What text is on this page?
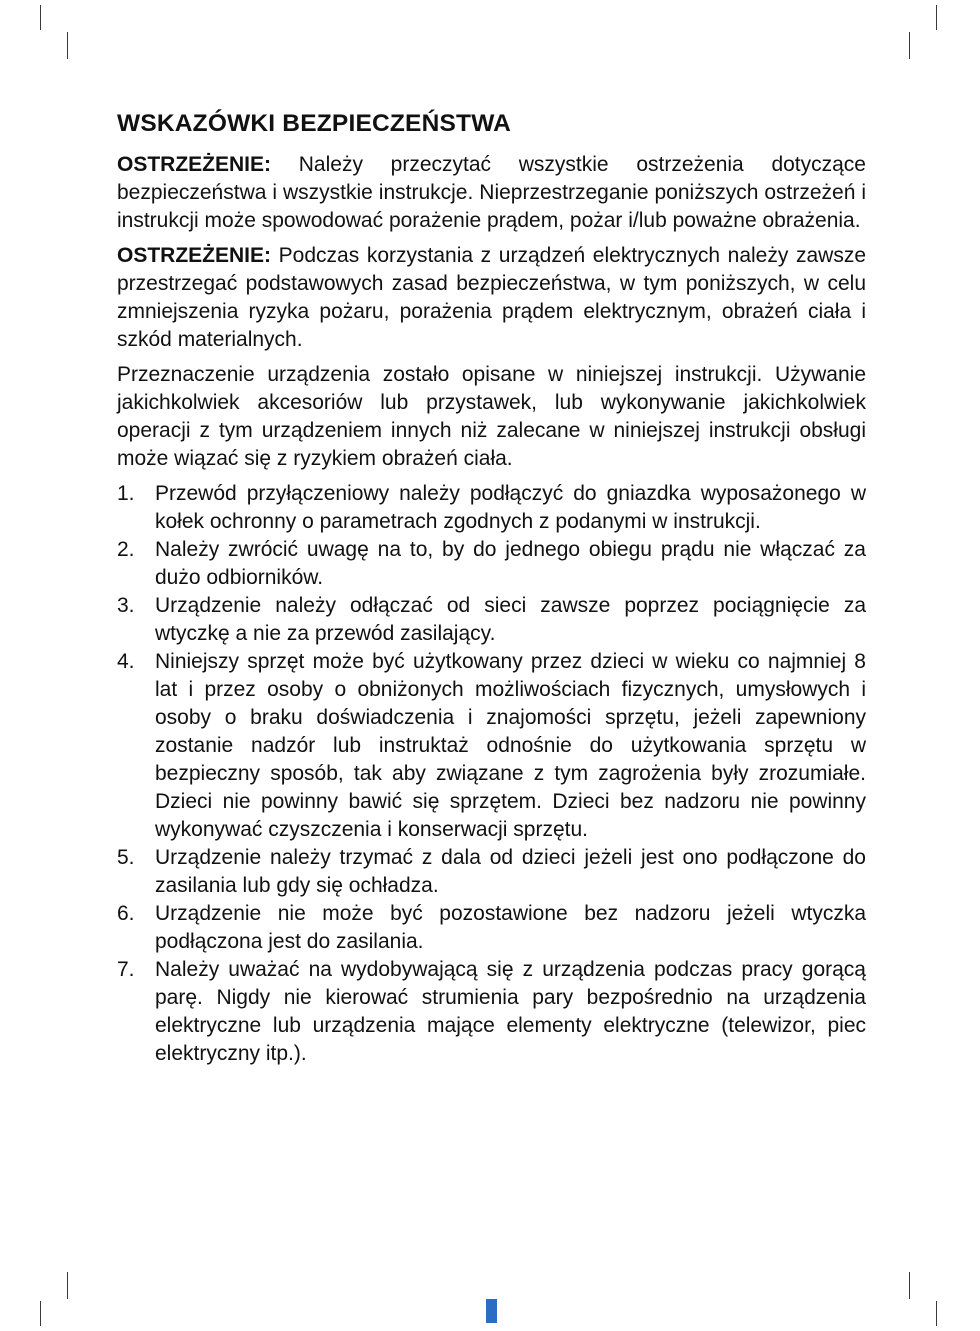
WSKAZÓWKI BEZPIECZEŃSTWA

OSTRZEŻENIE: Należy przeczytać wszystkie ostrzeżenia dotyczące bezpieczeństwa i wszystkie instrukcje. Nieprzestrzeganie poniższych ostrzeżeń i instrukcji może spowodować porażenie prądem, pożar i/lub poważne obrażenia.

OSTRZEŻENIE: Podczas korzystania z urządzeń elektrycznych należy zawsze przestrzegać podstawowych zasad bezpieczeństwa, w tym poniższych, w celu zmniejszenia ryzyka pożaru, porażenia prądem elektrycznym, obrażeń ciała i szkód materialnych.

Przeznaczenie urządzenia zostało opisane w niniejszej instrukcji. Używanie jakichkolwiek akcesoriów lub przystawek, lub wykonywanie jakichkolwiek operacji z tym urządzeniem innych niż zalecane w niniejszej instrukcji obsługi może wiązać się z ryzykiem obrażeń ciała.

1. Przewód przyłączeniowy należy podłączyć do gniazdka wyposażonego w kołek ochronny o parametrach zgodnych z podanymi w instrukcji.
2. Należy zwrócić uwagę na to, by do jednego obiegu prądu nie włączać za dużo odbiorników.
3. Urządzenie należy odłączać od sieci zawsze poprzez pociągnięcie za wtyczkę a nie za przewód zasilający.
4. Niniejszy sprzęt może być użytkowany przez dzieci w wieku co najmniej 8 lat i przez osoby o obniżonych możliwościach fizycznych, umysłowych i osoby o braku doświadczenia i znajomości sprzętu, jeżeli zapewniony zostanie nadzór lub instruktaż odnośnie do użytkowania sprzętu w bezpieczny sposób, tak aby związane z tym zagrożenia były zrozumiałe. Dzieci nie powinny bawić się sprzętem. Dzieci bez nadzoru nie powinny wykonywać czyszczenia i konserwacji sprzętu.
5. Urządzenie należy trzymać z dala od dzieci jeżeli jest ono podłączone do zasilania lub gdy się ochładza.
6. Urządzenie nie może być pozostawione bez nadzoru jeżeli wtyczka podłączona jest do zasilania.
7. Należy uważać na wydobywającą się z urządzenia podczas pracy gorącą parę. Nigdy nie kierować strumienia pary bezpośrednio na urządzenia elektryczne lub urządzenia mające elementy elektryczne (telewizor, piec elektryczny itp.).
